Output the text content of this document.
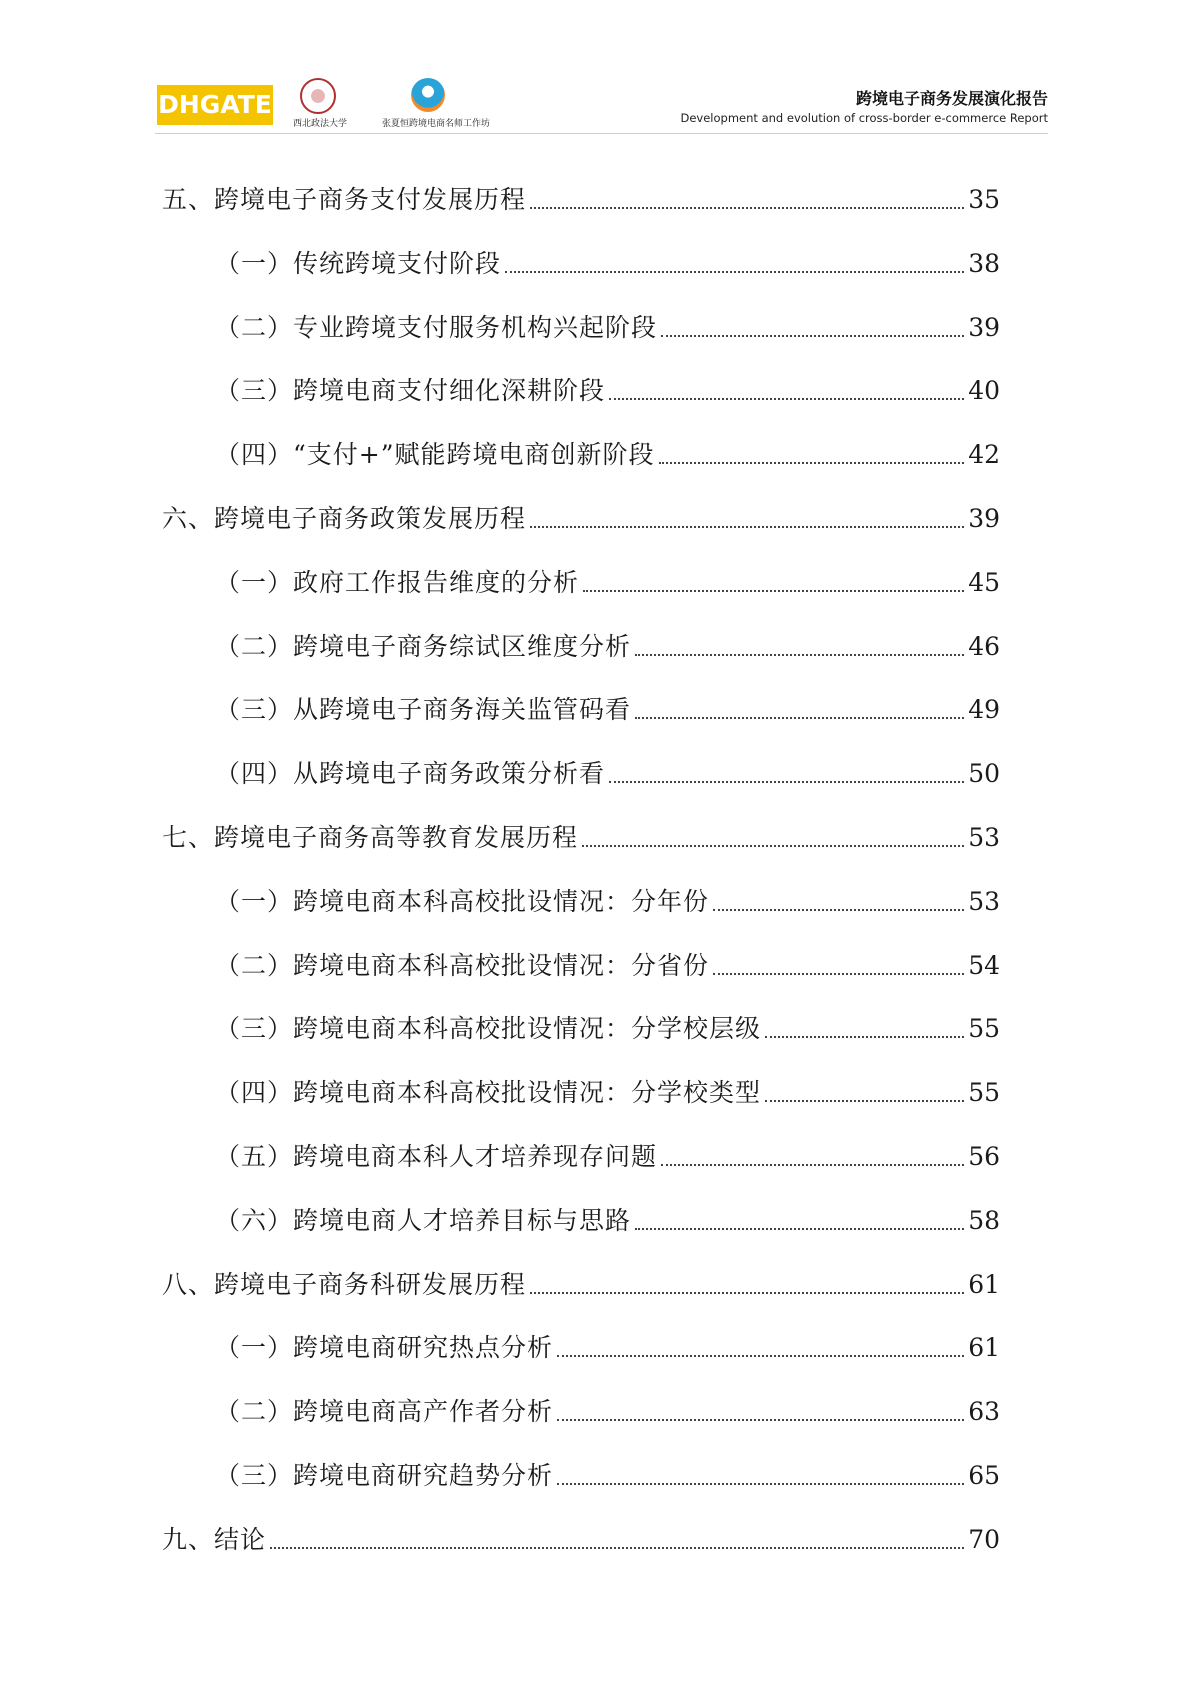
DHGATE
西北政法大学	张夏恒跨境电商名师工作坊
跨境电子商务发展演化报告
Development and evolution of cross-border e-commerce Report
五、跨境电子商务支付发展历程	35
（一）传统跨境支付阶段	38
（二）专业跨境支付服务机构兴起阶段	39
（三）跨境电商支付细化深耕阶段	40
（四）“支付+”赋能跨境电商创新阶段	42
六、跨境电子商务政策发展历程	39
（一）政府工作报告维度的分析	45
（二）跨境电子商务综试区维度分析	46
（三）从跨境电子商务海关监管码看	49
（四）从跨境电子商务政策分析看	50
七、跨境电子商务高等教育发展历程	53
（一）跨境电商本科高校批设情况：分年份	53
（二）跨境电商本科高校批设情况：分省份	54
（三）跨境电商本科高校批设情况：分学校层级	55
（四）跨境电商本科高校批设情况：分学校类型	55
（五）跨境电商本科人才培养现存问题	56
（六）跨境电商人才培养目标与思路	58
八、跨境电子商务科研发展历程	61
（一）跨境电商研究热点分析	61
（二）跨境电商高产作者分析	63
（三）跨境电商研究趋势分析	65
九、结论	70
